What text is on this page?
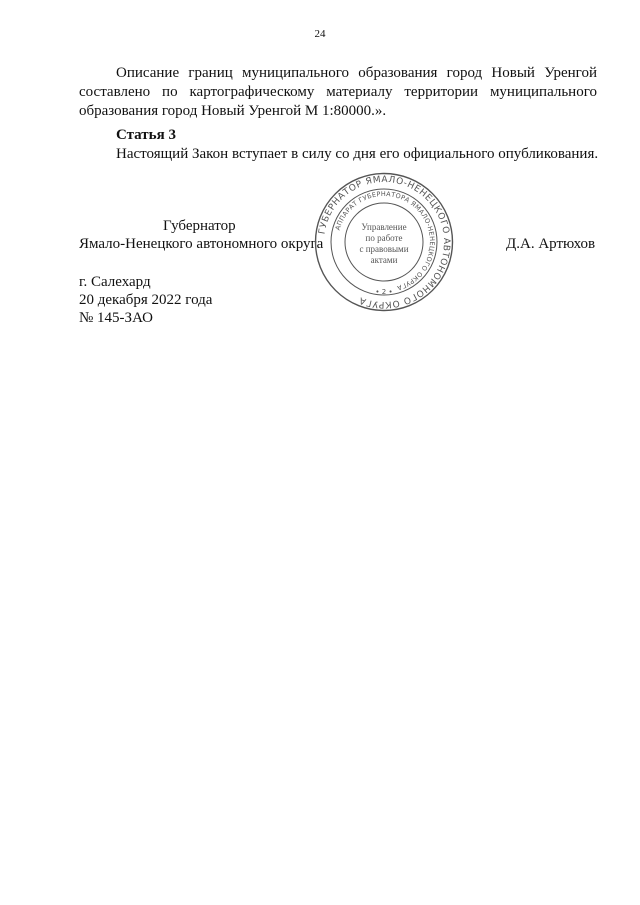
24
Описание границ муниципального образования город Новый Уренгой
составлено по картографическому материалу территории муниципального
образования город Новый Уренгой М 1:80000.».

Статья 3

Настоящий Закон вступает в силу со дня его официального опубликования.

Губернатор

Ямало-Ненецкого автономного округа	Д.А. Артюхов

г. Салехард

20 декабря 2022 года

№ 145-ЗАО

ГУБЕРНАТОР ЯМАЛО-НЕНЕЦКОГО АВТОНОМНОГО ОКРУГА
АППАРАТ ГУБЕРНАТОРА ЯМАЛО-НЕНЕЦКОГО ОКРУГА
Управление
по работе
с правовыми
актами
• 2 •
